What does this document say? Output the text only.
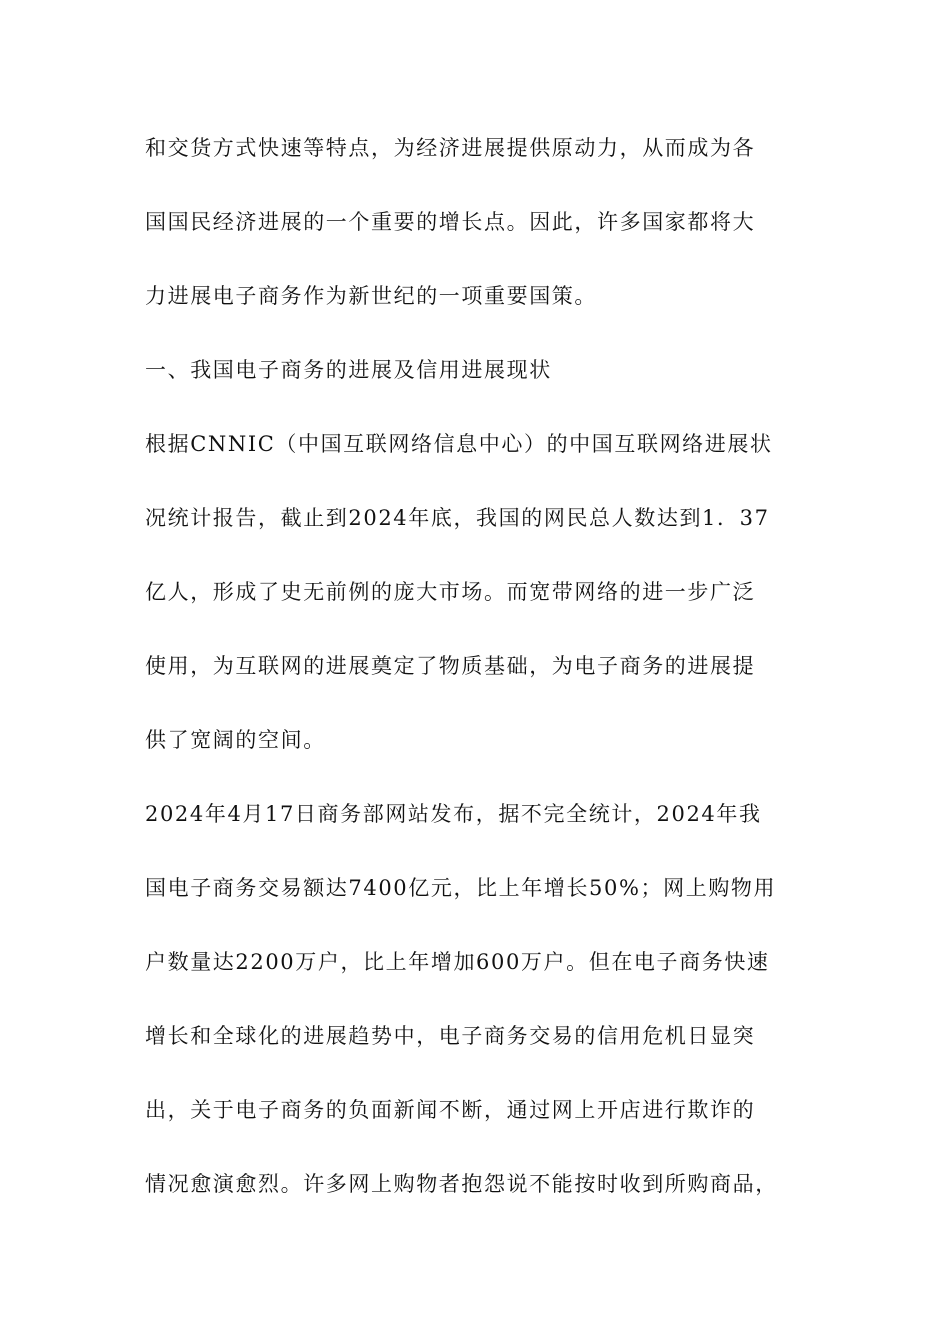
和交货方式快速等特点，为经济进展提供原动力，从而成为各
国国民经济进展的一个重要的增长点。因此，许多国家都将大
力进展电子商务作为新世纪的一项重要国策。
一、我国电子商务的进展及信用进展现状
根据CNNIC（中国互联网络信息中心）的中国互联网络进展状
况统计报告，截止到2024年底，我国的网民总人数达到1．37
亿人，形成了史无前例的庞大市场。而宽带网络的进一步广泛
使用，为互联网的进展奠定了物质基础，为电子商务的进展提
供了宽阔的空间。
2024年4月17日商务部网站发布，据不完全统计，2024年我
国电子商务交易额达7400亿元，比上年增长50%；网上购物用
户数量达2200万户，比上年增加600万户。但在电子商务快速
增长和全球化的进展趋势中，电子商务交易的信用危机日显突
出，关于电子商务的负面新闻不断，通过网上开店进行欺诈的
情况愈演愈烈。许多网上购物者抱怨说不能按时收到所购商品，
